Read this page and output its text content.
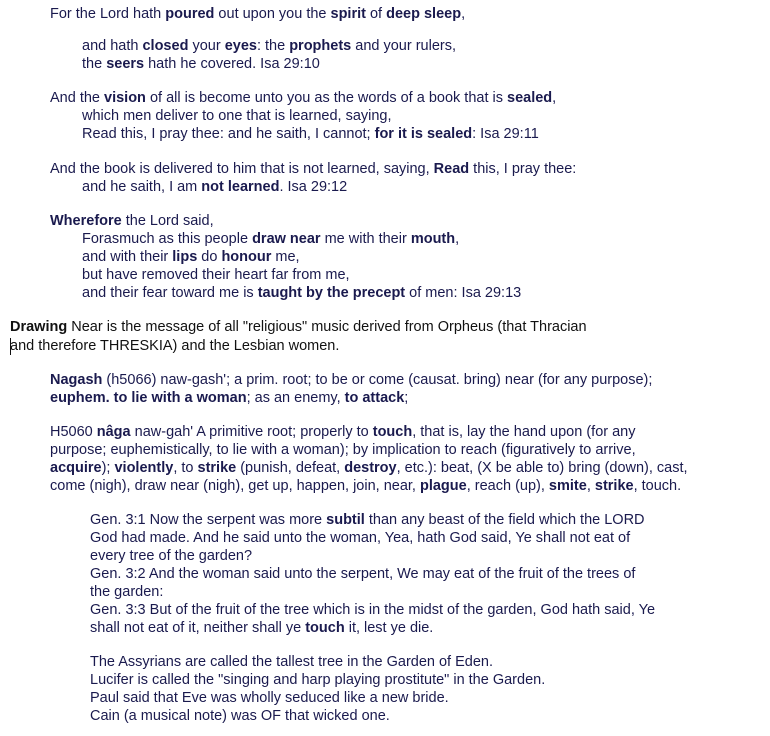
For the Lord hath poured out upon you the spirit of deep sleep,
and hath closed your eyes: the prophets and your rulers,
the seers hath he covered. Isa 29:10
And the vision of all is become unto you as the words of a book that is sealed,
which men deliver to one that is learned, saying,
Read this, I pray thee: and he saith, I cannot; for it is sealed: Isa 29:11
And the book is delivered to him that is not learned, saying, Read this, I pray thee:
and he saith, I am not learned. Isa 29:12
Wherefore the Lord said,
Forasmuch as this people draw near me with their mouth,
and with their lips do honour me,
but have removed their heart far from me,
and their fear toward me is taught by the precept of men: Isa 29:13
Drawing Near is the message of all "religious" music derived from Orpheus (that Thracian
and therefore THRESKIA) and the Lesbian women.
Nagash (h5066) naw-gash'; a prim. root; to be or come (causat. bring) near (for any purpose);
euphem. to lie with a woman; as an enemy, to attack;
H5060 nâga naw-gah' A primitive root; properly to touch, that is, lay the hand upon (for any
purpose; euphemistically, to lie with a woman); by implication to reach (figuratively to arrive,
acquire); violently, to strike (punish, defeat, destroy, etc.): beat, (X be able to) bring (down), cast,
come (nigh), draw near (nigh), get up, happen, join, near, plague, reach (up), smite, strike, touch.
Gen. 3:1 Now the serpent was more subtil than any beast of the field which the LORD
God had made. And he said unto the woman, Yea, hath God said, Ye shall not eat of
every tree of the garden?
Gen. 3:2 And the woman said unto the serpent, We may eat of the fruit of the trees of
the garden:
Gen. 3:3 But of the fruit of the tree which is in the midst of the garden, God hath said, Ye
shall not eat of it, neither shall ye touch it, lest ye die.
The Assyrians are called the tallest tree in the Garden of Eden.
Lucifer is called the "singing and harp playing prostitute" in the Garden.
Paul said that Eve was wholly seduced like a new bride.
Cain (a musical note) was OF that wicked one.
